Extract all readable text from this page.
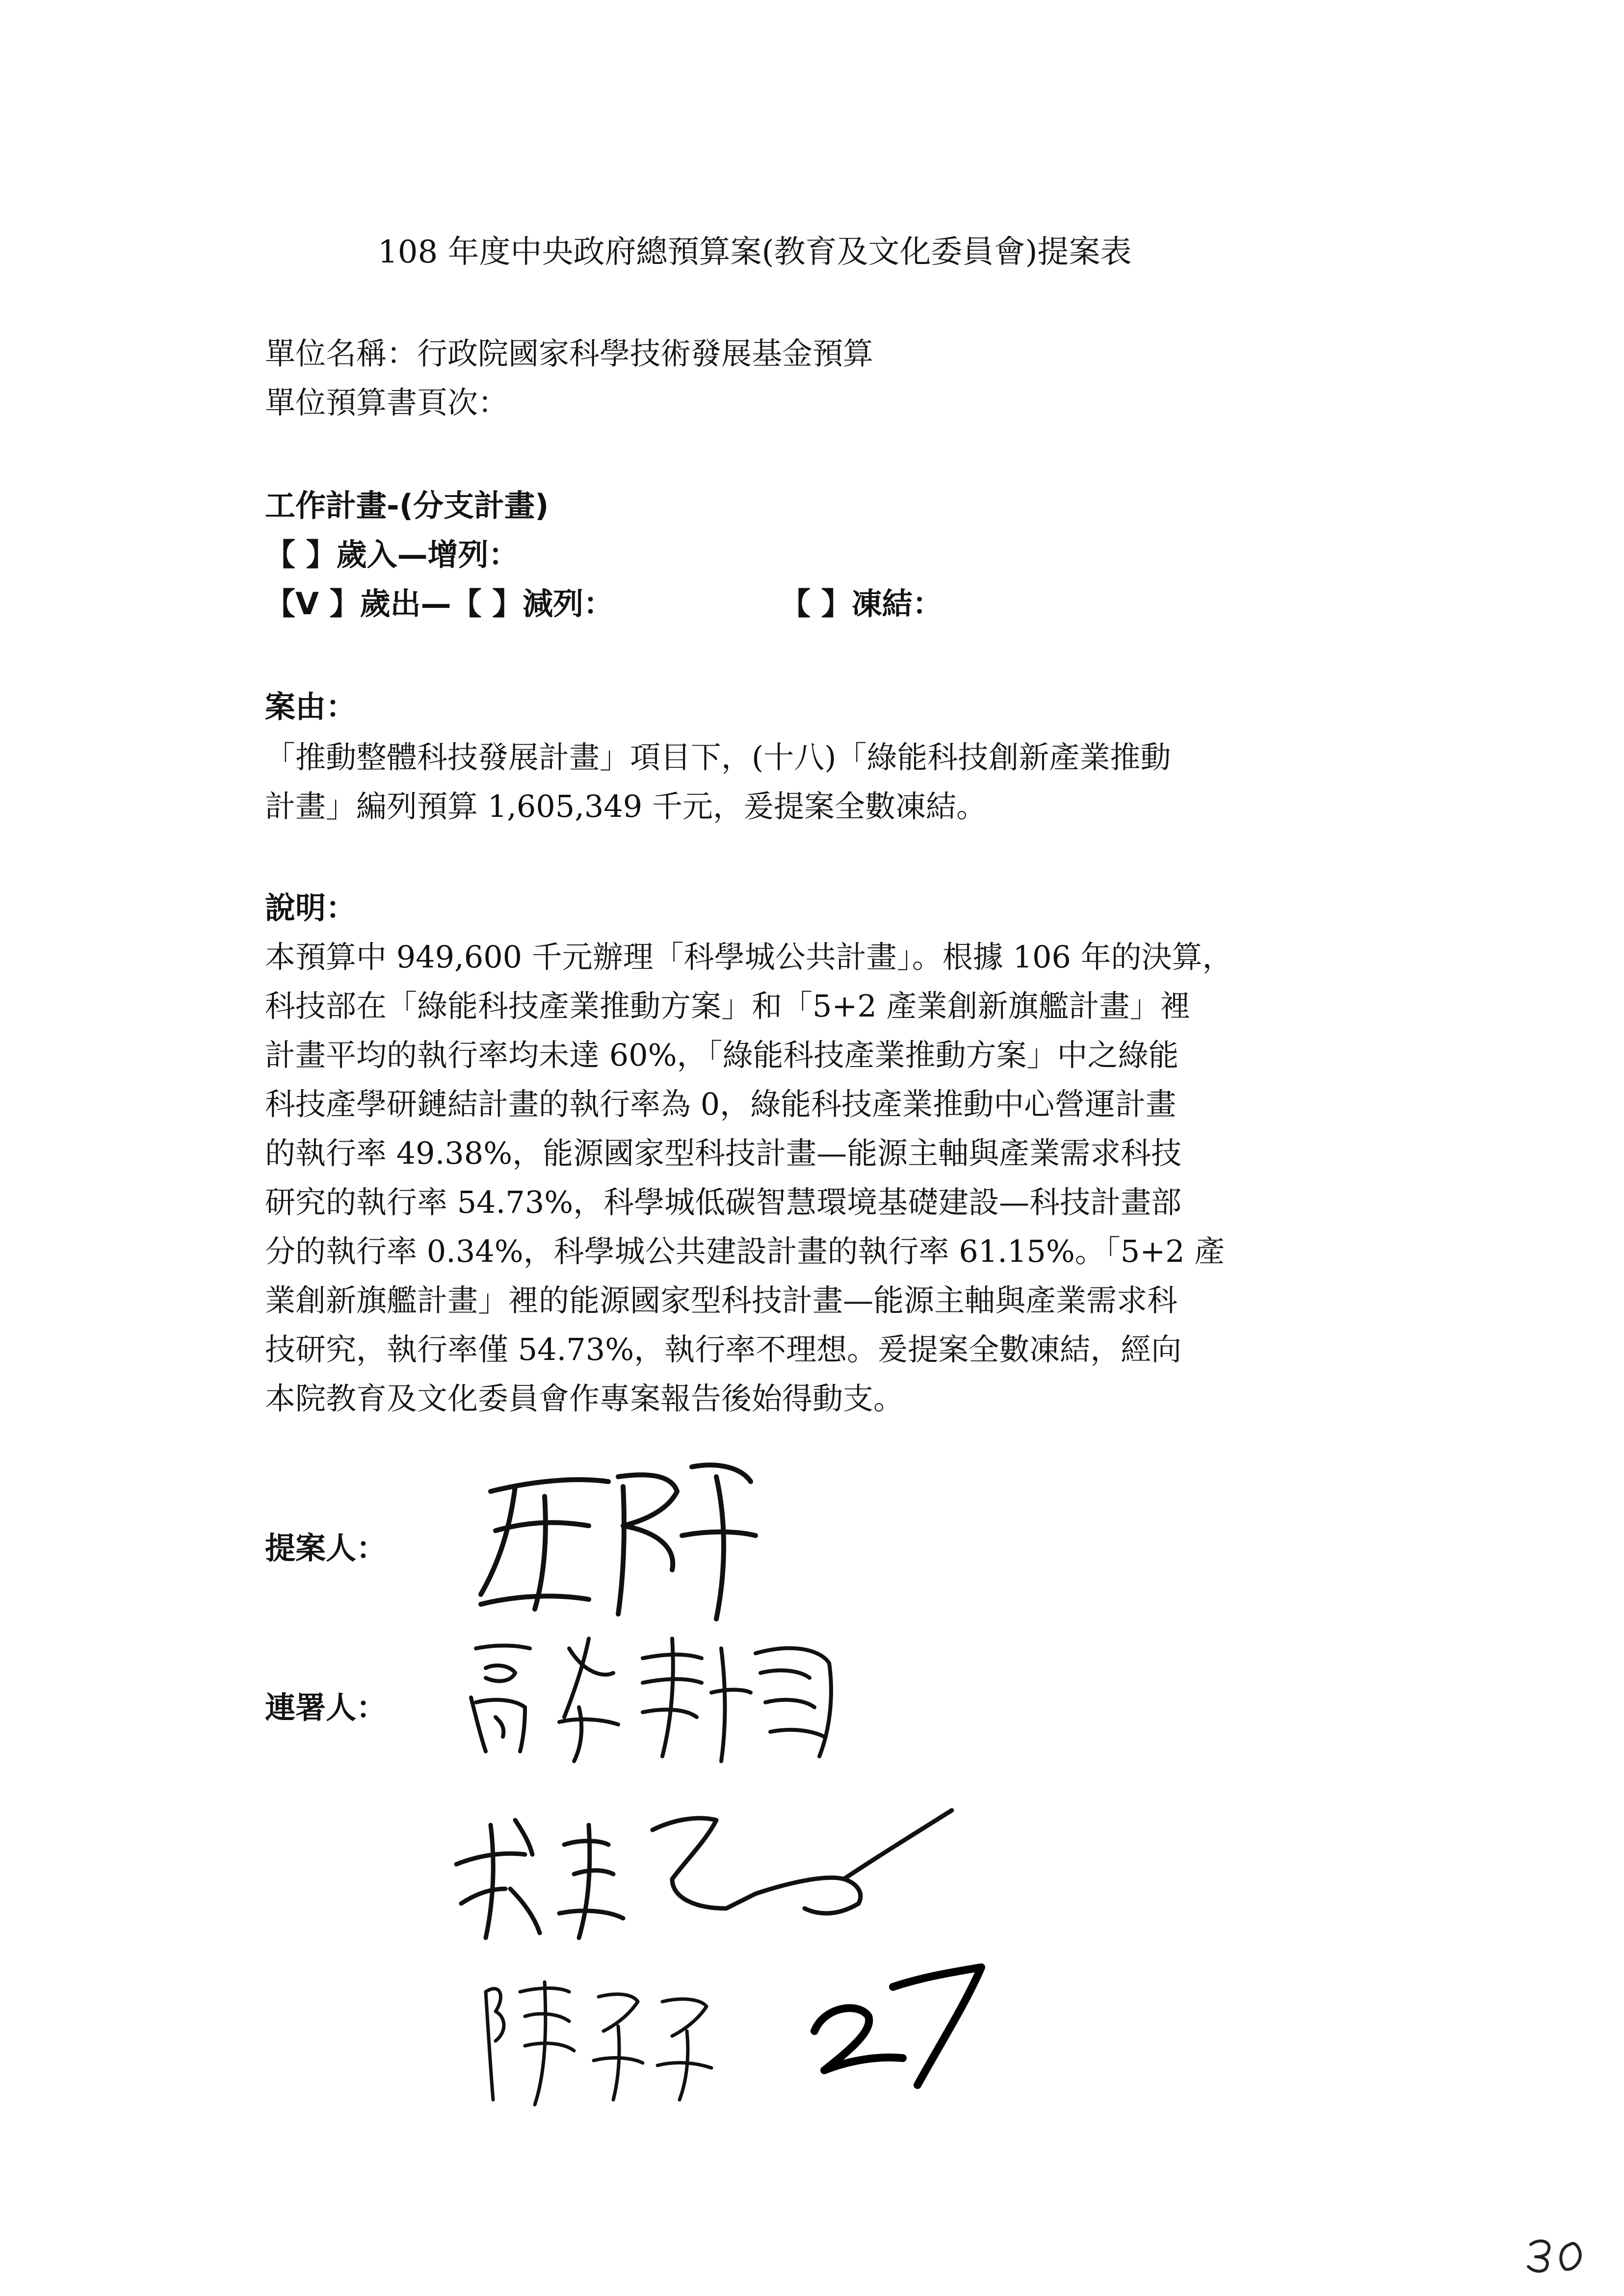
108 年度中央政府總預算案(教育及文化委員會)提案表
單位名稱：行政院國家科學技術發展基金預算
單位預算書頁次：
工作計畫-(分支計畫)
【 】歲入—增列：
【V 】歲出—【 】減列：	【 】凍結：
案由：
「推動整體科技發展計畫」項目下，(十八)「綠能科技創新產業推動
計畫」編列預算 1,605,349 千元，爰提案全數凍結。
說明：
本預算中 949,600 千元辦理「科學城公共計畫」。根據 106 年的決算，
科技部在「綠能科技產業推動方案」和「5+2 產業創新旗艦計畫」裡
計畫平均的執行率均未達 60%，「綠能科技產業推動方案」中之綠能
科技產學研鏈結計畫的執行率為 0，綠能科技產業推動中心營運計畫
的執行率 49.38%，能源國家型科技計畫—能源主軸與產業需求科技
研究的執行率 54.73%，科學城低碳智慧環境基礎建設—科技計畫部
分的執行率 0.34%，科學城公共建設計畫的執行率 61.15%。「5+2 產
業創新旗艦計畫」裡的能源國家型科技計畫—能源主軸與產業需求科
技研究，執行率僅 54.73%，執行率不理想。爰提案全數凍結，經向
本院教育及文化委員會作專案報告後始得動支。
提案人：
連署人：
